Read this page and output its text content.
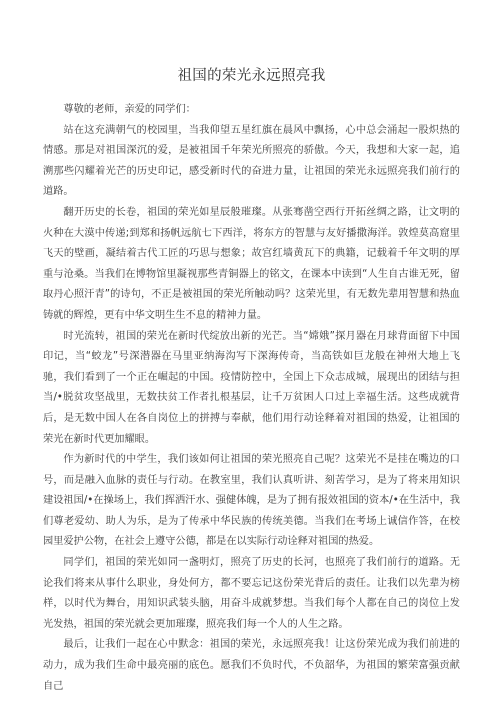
祖国的荣光永远照亮我

尊敬的老师，亲爱的同学们：

站在这充满朝气的校园里，当我仰望五星红旗在晨风中飘扬，心中总会涌起一股炽热的情感。那是对祖国深沉的爱，是被祖国千年荣光所照亮的骄傲。今天，我想和大家一起，追溯那些闪耀着光芒的历史印记，感受新时代的奋进力量，让祖国的荣光永远照亮我们前行的道路。

翻开历史的长卷，祖国的荣光如星辰般璀璨。从张骞凿空西行开拓丝绸之路，让文明的火种在大漠中传递;到郑和扬帆远航七下西洋，将东方的智慧与友好播撒海洋。敦煌莫高窟里飞天的壁画，凝结着古代工匠的巧思与想象；故宫红墙黄瓦下的典籍，记载着千年文明的厚重与沧桑。当我们在博物馆里凝视那些青铜器上的铭文，在课本中读到“人生自古谁无死，留取丹心照汗青”的诗句，不正是被祖国的荣光所触动吗？这荣光里，有无数先辈用智慧和热血铸就的辉煌，更有中华文明生生不息的精神力量。

时光流转，祖国的荣光在新时代绽放出新的光芒。当“嫦娥”探月器在月球背面留下中国印记，当“蛟龙”号深潜器在马里亚纳海沟写下深海传奇，当高铁如巨龙般在神州大地上飞驰，我们看到了一个正在崛起的中国。疫情防控中，全国上下众志成城，展现出的团结与担当/•脱贫攻坚战里，无数扶贫工作者扎根基层，让千万贫困人口过上幸福生活。这些成就背后，是无数中国人在各自岗位上的拼搏与奉献，他们用行动诠释着对祖国的热爱，让祖国的荣光在新时代更加耀眼。

作为新时代的中学生，我们该如何让祖国的荣光照亮自己呢？这荣光不是挂在嘴边的口号，而是融入血脉的责任与行动。在教室里，我们认真听讲、刻苦学习，是为了将来用知识建设祖国/•在操场上，我们挥洒汗水、强健体魄，是为了拥有报效祖国的资本/•在生活中，我们尊老爱幼、助人为乐，是为了传承中华民族的传统美德。当我们在考场上诚信作答，在校园里爱护公物，在社会上遵守公德，都是在以实际行动诠释对祖国的热爱。

同学们，祖国的荣光如同一盏明灯，照亮了历史的长河，也照亮了我们前行的道路。无论我们将来从事什么职业，身处何方，都不要忘记这份荣光背后的责任。让我们以先辈为榜样，以时代为舞台，用知识武装头脑，用奋斗成就梦想。当我们每个人都在自己的岗位上发光发热，祖国的荣光就会更加璀璨，照亮我们每一个人的人生之路。

最后，让我们一起在心中默念：祖国的荣光，永远照亮我！让这份荣光成为我们前进的动力，成为我们生命中最亮丽的底色。愿我们不负时代，不负韶华，为祖国的繁荣富强贡献自己
